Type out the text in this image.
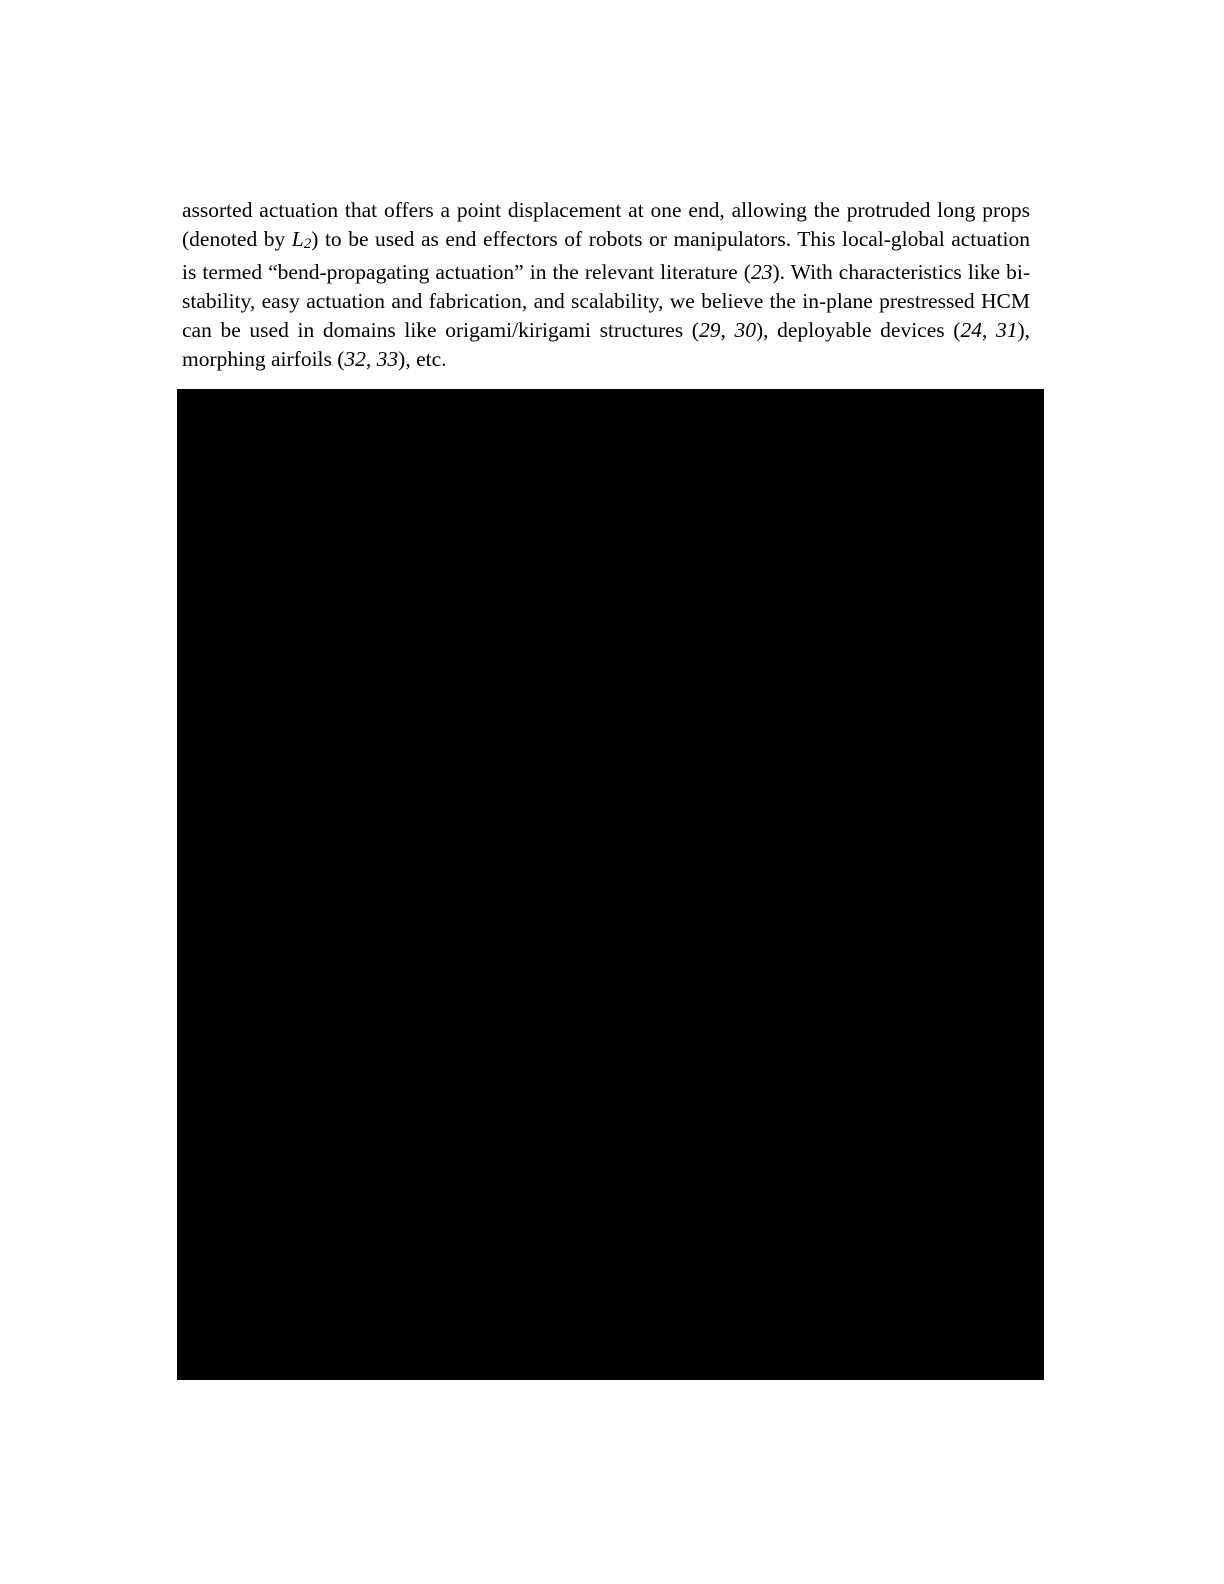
assorted actuation that offers a point displacement at one end, allowing the protruded long props
(denoted by L2) to be used as end effectors of robots or manipulators. This local-global actuation
is termed “bend-propagating actuation” in the relevant literature (23). With characteristics like bi-
stability, easy actuation and fabrication, and scalability, we believe the in-plane prestressed HCM
can be used in domains like origami/kirigami structures (29, 30), deployable devices (24, 31),
morphing airfoils (32, 33), etc.
